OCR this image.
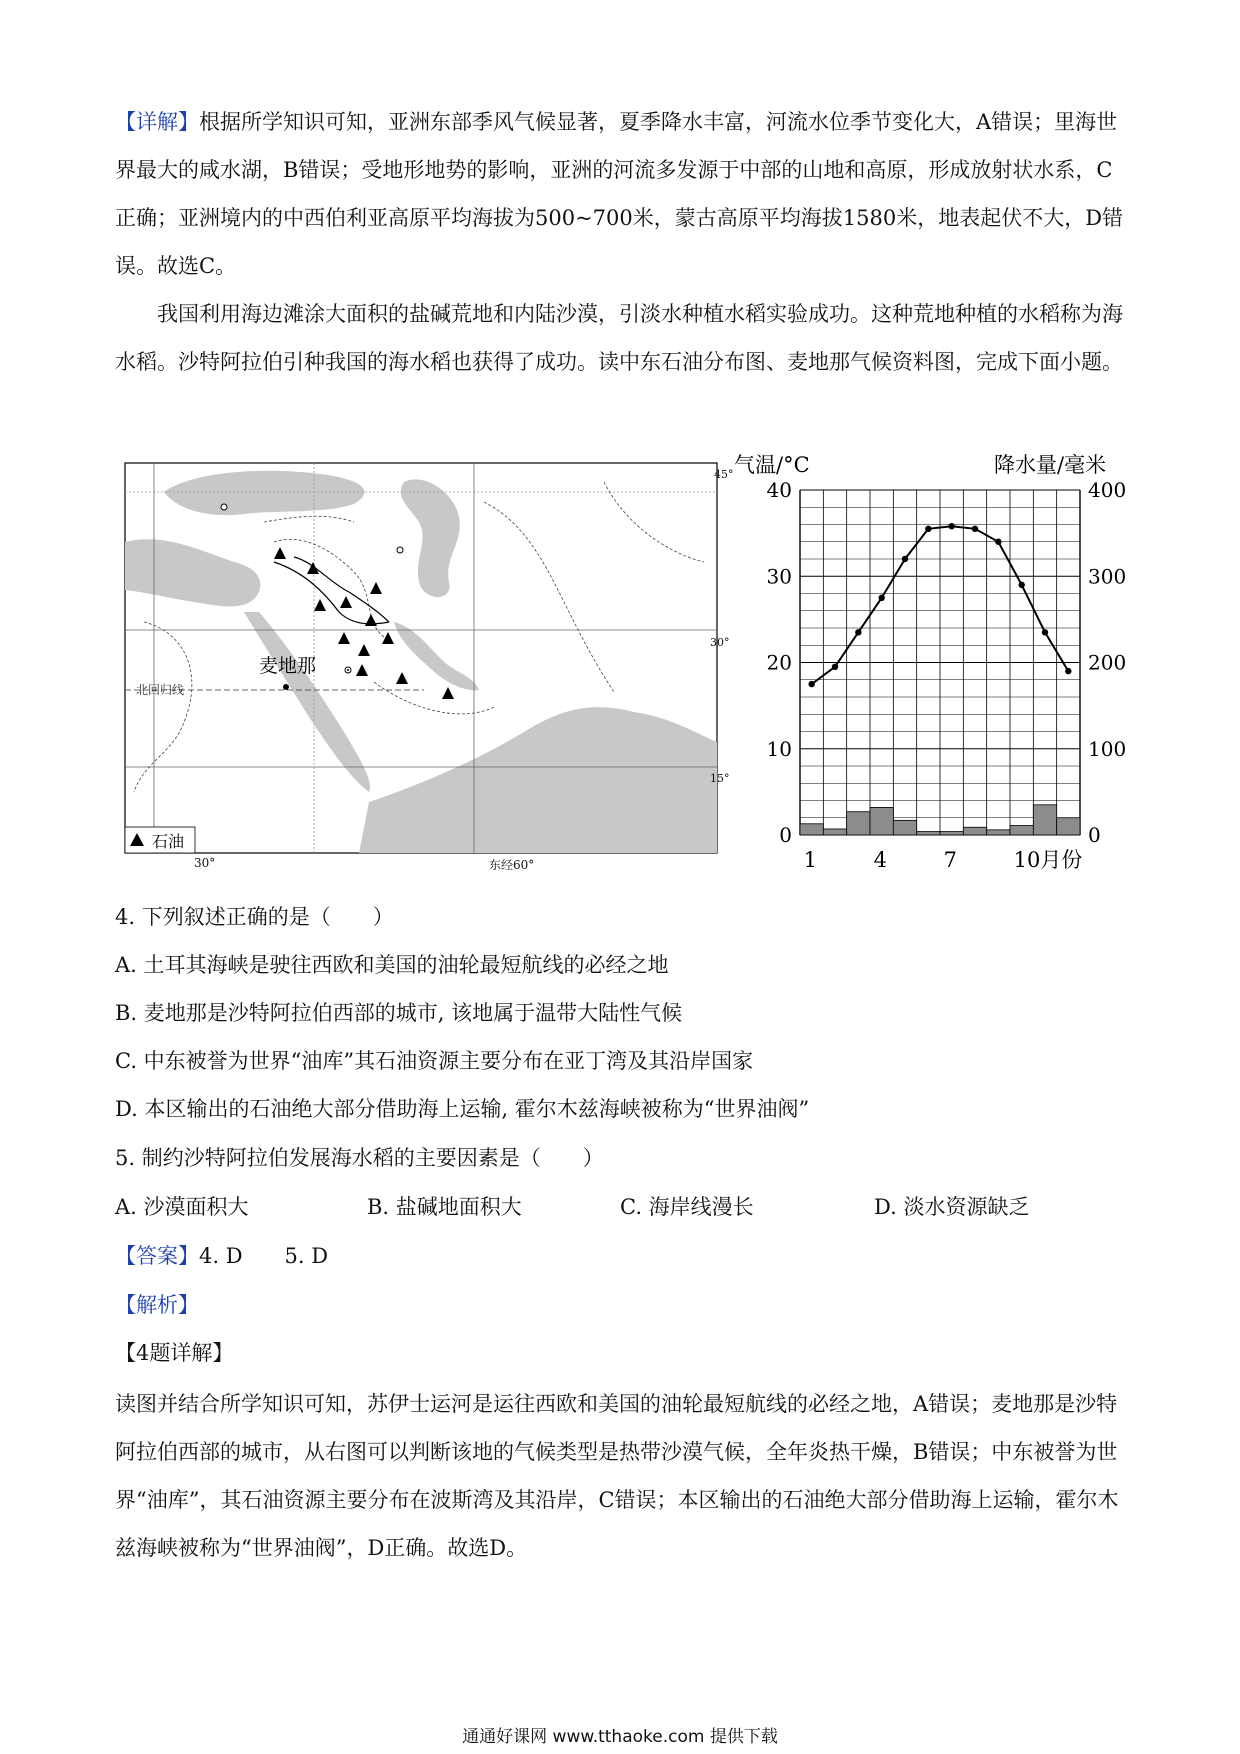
【详解】根据所学知识可知，亚洲东部季风气候显著，夏季降水丰富，河流水位季节变化大，A错误；里海世界最大的咸水湖，B错误；受地形地势的影响，亚洲的河流多发源于中部的山地和高原，形成放射状水系，C正确；亚洲境内的中西伯利亚高原平均海拔为500~700米，蒙古高原平均海拔1580米，地表起伏不大，D错误。故选C。

我国利用海边滩涂大面积的盐碱荒地和内陆沙漠，引淡水种植水稻实验成功。这种荒地种植的水稻称为海水稻。沙特阿拉伯引种我国的海水稻也获得了成功。读中东石油分布图、麦地那气候资料图，完成下面小题。

麦地那
北回归线
石油
45°
30°
15°
30°	东经60°
气温/°C	降水量/毫米
0
10
20
30
40
0
100
200
300
400
1	4	7	10月份

4. 下列叙述正确的是（　　）

A. 土耳其海峡是驶往西欧和美国的油轮最短航线的必经之地

B. 麦地那是沙特阿拉伯西部的城市, 该地属于温带大陆性气候

C. 中东被誉为世界“油库”其石油资源主要分布在亚丁湾及其沿岸国家

D. 本区输出的石油绝大部分借助海上运输, 霍尔木兹海峡被称为“世界油阀”

5. 制约沙特阿拉伯发展海水稻的主要因素是（　　）

A. 沙漠面积大	B. 盐碱地面积大	C. 海岸线漫长	D. 淡水资源缺乏

【答案】4. D　　5. D

【解析】

【4题详解】

读图并结合所学知识可知，苏伊士运河是运往西欧和美国的油轮最短航线的必经之地，A错误；麦地那是沙特阿拉伯西部的城市，从右图可以判断该地的气候类型是热带沙漠气候，全年炎热干燥，B错误；中东被誉为世界“油库”，其石油资源主要分布在波斯湾及其沿岸，C错误；本区输出的石油绝大部分借助海上运输，霍尔木兹海峡被称为“世界油阀”，D正确。故选D。

通通好课网 www.tthaoke.com 提供下载
